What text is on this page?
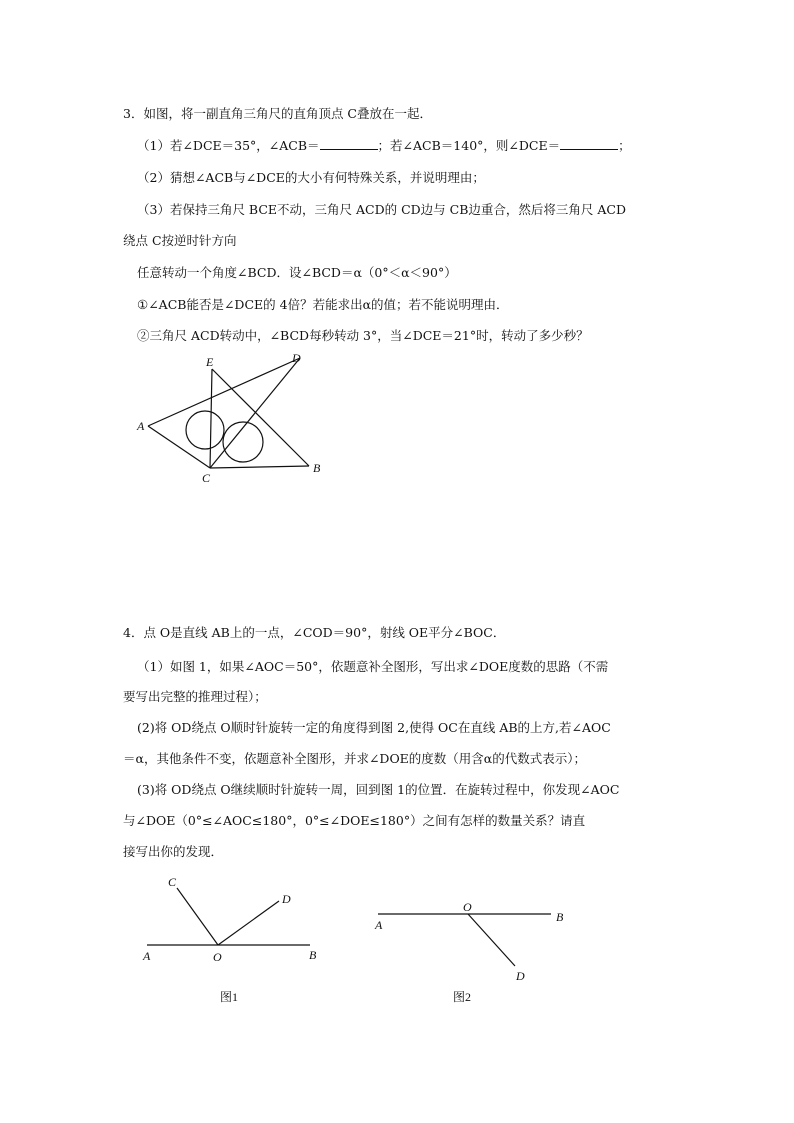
3．如图，将一副直角三角尺的直角顶点 C叠放在一起．
（1）若∠DCE＝35°，∠ACB＝	；若∠ACB＝140°，则∠DCE＝	；
（2）猜想∠ACB与∠DCE的大小有何特殊关系，并说明理由；
（3）若保持三角尺 BCE不动，三角尺 ACD的 CD边与 CB边重合，然后将三角尺 ACD
绕点 C按逆时针方向
任意转动一个角度∠BCD．设∠BCD＝α（0°＜α＜90°）
①∠ACB能否是∠DCE的 4倍？若能求出α的值；若不能说明理由．
②三角尺 ACD转动中，∠BCD每秒转动 3°，当∠DCE＝21°时，转动了多少秒？
E	D
A
C
B
4．点 O是直线 AB上的一点，∠COD＝90°，射线 OE平分∠BOC．
（1）如图 1，如果∠AOC＝50°，依题意补全图形，写出求∠DOE度数的思路（不需
要写出完整的推理过程）；
(2)将 OD绕点 O顺时针旋转一定的角度得到图 2,使得 OC在直线 AB的上方,若∠AOC
＝α，其他条件不变，依题意补全图形，并求∠DOE的度数（用含α的代数式表示）；
(3)将 OD绕点 O继续顺时针旋转一周，回到图 1的位置．在旋转过程中，你发现∠AOC
与∠DOE（0°≤∠AOC≤180°，0°≤∠DOE≤180°）之间有怎样的数量关系？请直
接写出你的发现．
C
D
A	O	B
图1
O
B
A
D
图2
